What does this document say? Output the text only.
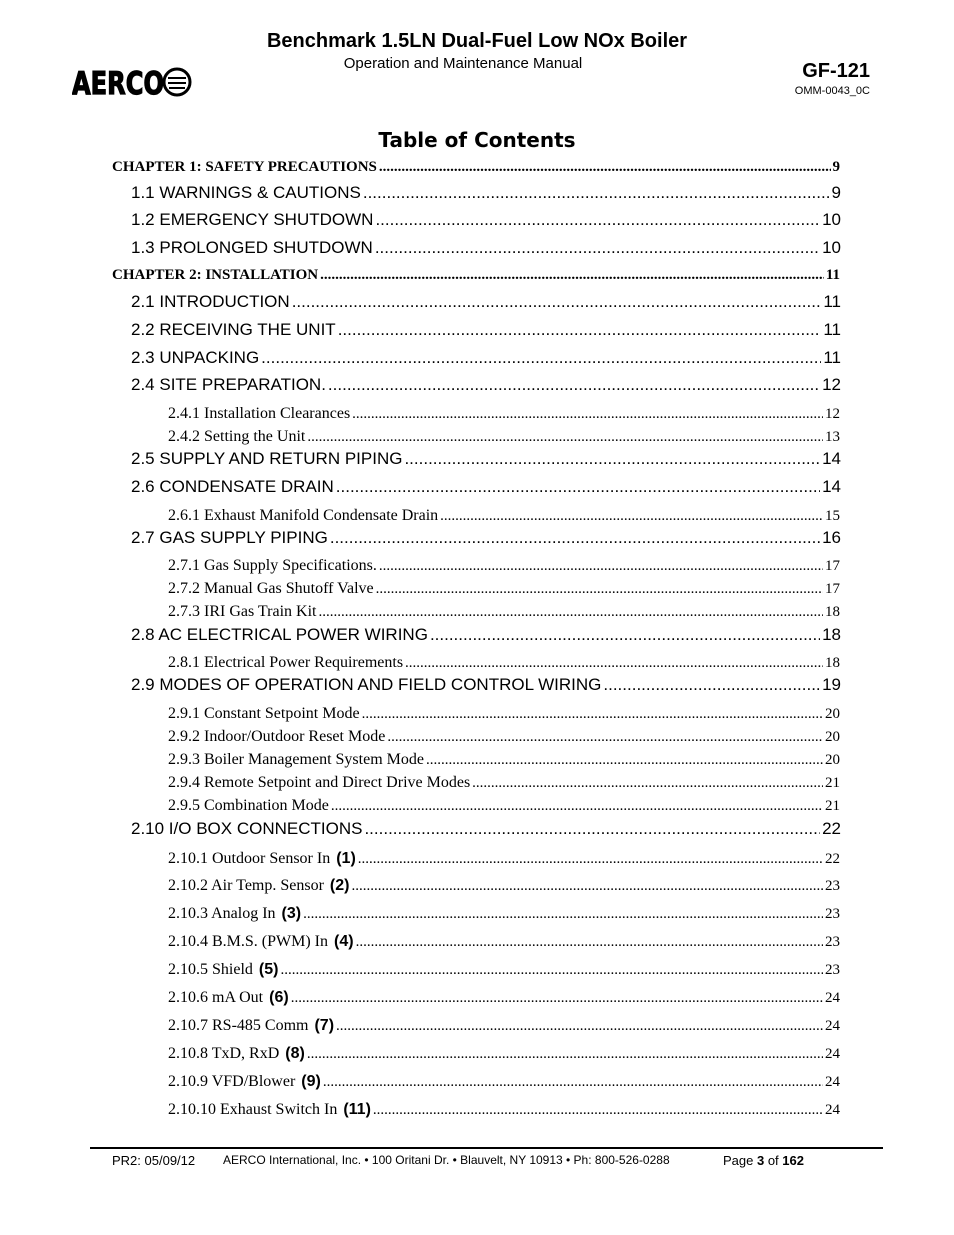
Benchmark 1.5LN Dual-Fuel Low NOx Boiler
Operation and Maintenance Manual
AERCO	GF-121
OMM-0043_0C
Table of Contents
CHAPTER 1: SAFETY PRECAUTIONS .....	9
1.1 WARNINGS & CAUTIONS .....	9
1.2 EMERGENCY SHUTDOWN .....	10
1.3 PROLONGED SHUTDOWN .....	10
CHAPTER 2: INSTALLATION .....	11
2.1 INTRODUCTION .....	11
2.2 RECEIVING THE UNIT .....	11
2.3 UNPACKING .....	11
2.4 SITE PREPARATION. .....	12
2.4.1 Installation Clearances .....	12
2.4.2 Setting the Unit .....	13
2.5 SUPPLY AND RETURN PIPING .....	14
2.6 CONDENSATE DRAIN .....	14
2.6.1 Exhaust Manifold Condensate Drain .....	15
2.7 GAS SUPPLY PIPING .....	16
2.7.1 Gas Supply Specifications. .....	17
2.7.2 Manual Gas Shutoff Valve .....	17
2.7.3 IRI Gas Train Kit .....	18
2.8 AC ELECTRICAL POWER WIRING .....	18
2.8.1 Electrical Power Requirements .....	18
2.9 MODES OF OPERATION AND FIELD CONTROL WIRING .....	19
2.9.1 Constant Setpoint Mode .....	20
2.9.2 Indoor/Outdoor Reset Mode .....	20
2.9.3 Boiler Management System Mode .....	20
2.9.4 Remote Setpoint and Direct Drive Modes .....	21
2.9.5 Combination Mode .....	21
2.10 I/O BOX CONNECTIONS .....	22
2.10.1 Outdoor Sensor In (1) .....	22
2.10.2 Air Temp. Sensor (2) .....	23
2.10.3 Analog In (3) .....	23
2.10.4 B.M.S. (PWM) In (4) .....	23
2.10.5 Shield (5) .....	23
2.10.6 mA Out (6) .....	24
2.10.7 RS-485 Comm (7) .....	24
2.10.8 TxD, RxD (8) .....	24
2.10.9 VFD/Blower (9) .....	24
2.10.10 Exhaust Switch In (11) .....	24
PR2: 05/09/12 AERCO International, Inc. • 100 Oritani Dr. • Blauvelt, NY 10913 • Ph: 800-526-0288	Page 3 of 162
